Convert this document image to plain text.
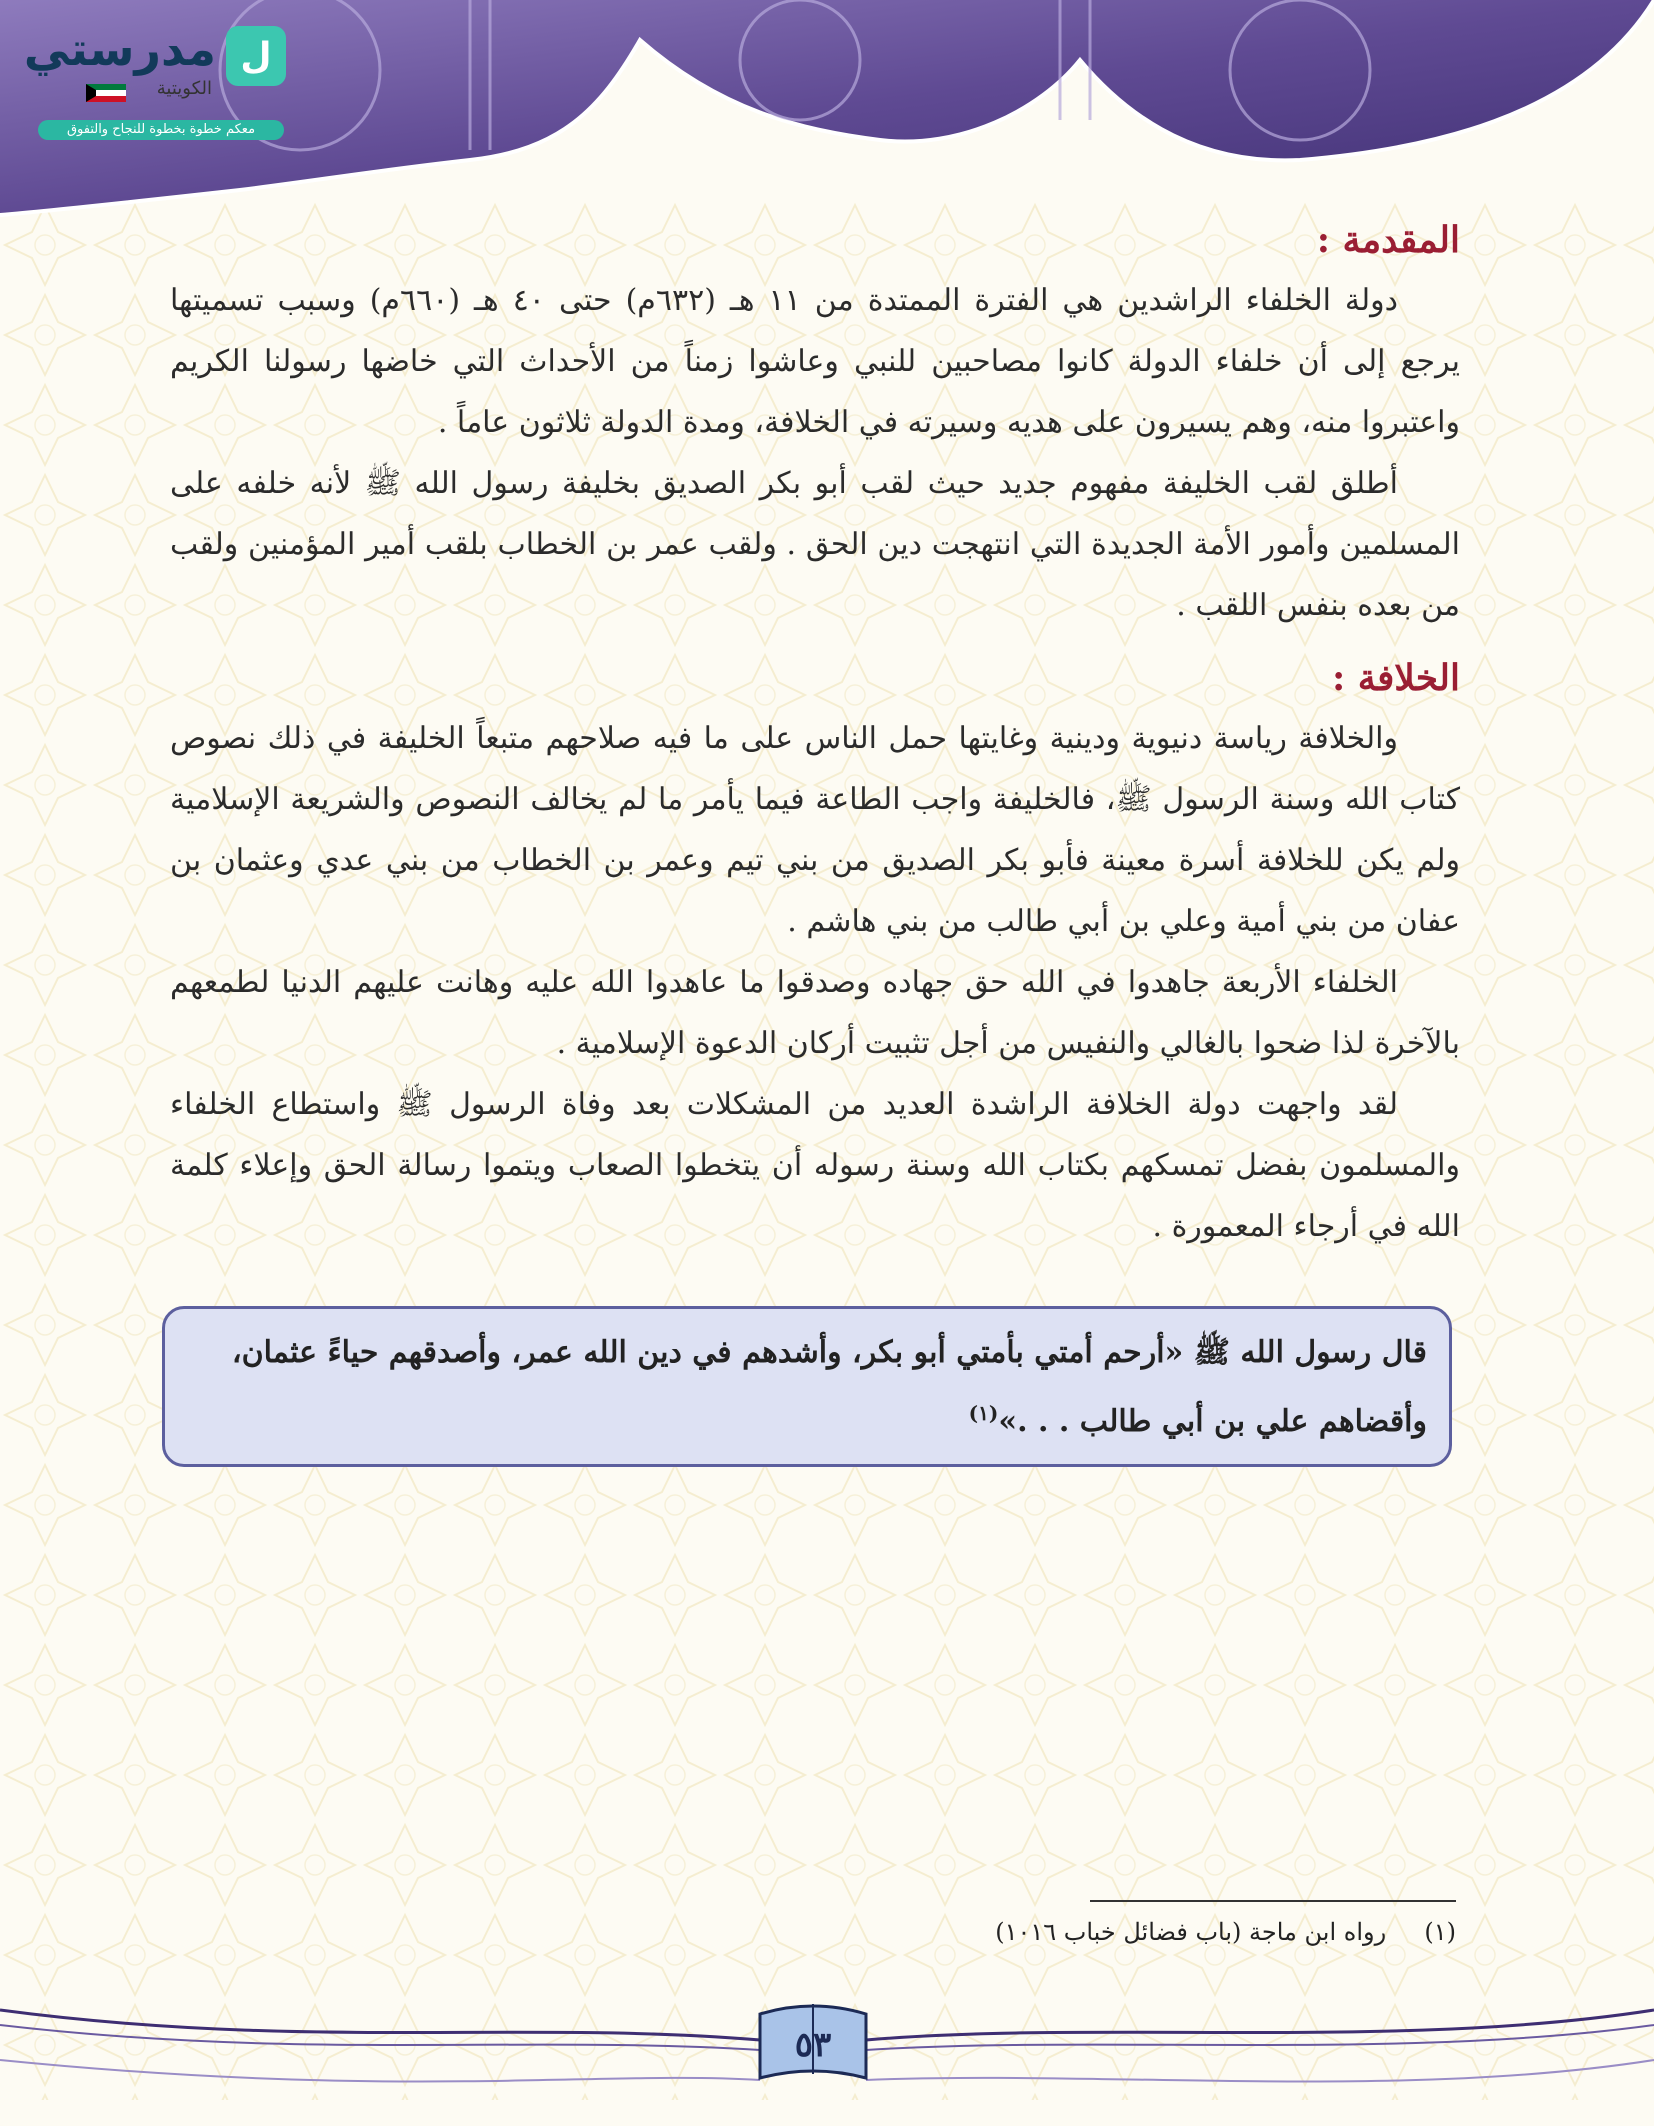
ل
مدرستي
الكويتية
معكم خطوة بخطوة للنجاح والتفوق
المقدمة :

دولة الخلفاء الراشدين هي الفترة الممتدة من ١١ هـ (٦٣٢م) حتى ٤٠ هـ (٦٦٠م) وسبب تسميتها يرجع إلى أن خلفاء الدولة كانوا مصاحبين للنبي وعاشوا زمناً من الأحداث التي خاضها رسولنا الكريم واعتبروا منه، وهم يسيرون على هديه وسيرته في الخلافة، ومدة الدولة ثلاثون عاماً .

أطلق لقب الخليفة مفهوم جديد حيث لقب أبو بكر الصديق بخليفة رسول الله ﷺ لأنه خلفه على المسلمين وأمور الأمة الجديدة التي انتهجت دين الحق . ولقب عمر بن الخطاب بلقب أمير المؤمنين ولقب من بعده بنفس اللقب .

الخلافة :

والخلافة رياسة دنيوية ودينية وغايتها حمل الناس على ما فيه صلاحهم متبعاً الخليفة في ذلك نصوص كتاب الله وسنة الرسول ﷺ، فالخليفة واجب الطاعة فيما يأمر ما لم يخالف النصوص والشريعة الإسلامية ولم يكن للخلافة أسرة معينة فأبو بكر الصديق من بني تيم وعمر بن الخطاب من بني عدي وعثمان بن عفان من بني أمية وعلي بن أبي طالب من بني هاشم .

الخلفاء الأربعة جاهدوا في الله حق جهاده وصدقوا ما عاهدوا الله عليه وهانت عليهم الدنيا لطمعهم بالآخرة لذا ضحوا بالغالي والنفيس من أجل تثبيت أركان الدعوة الإسلامية .

لقد واجهت دولة الخلافة الراشدة العديد من المشكلات بعد وفاة الرسول ﷺ واستطاع الخلفاء والمسلمون بفضل تمسكهم بكتاب الله وسنة رسوله أن يتخطوا الصعاب ويتموا رسالة الحق وإعلاء كلمة الله في أرجاء المعمورة .

قال رسول الله ﷺ «أرحم أمتي بأمتي أبو بكر، وأشدهم في دين الله عمر، وأصدقهم حياءً عثمان، وأقضاهم علي بن أبي طالب . . .»$^{(١)}$
(١)     رواه ابن ماجة (باب فضائل خباب ١٠١٦)
٥٣
